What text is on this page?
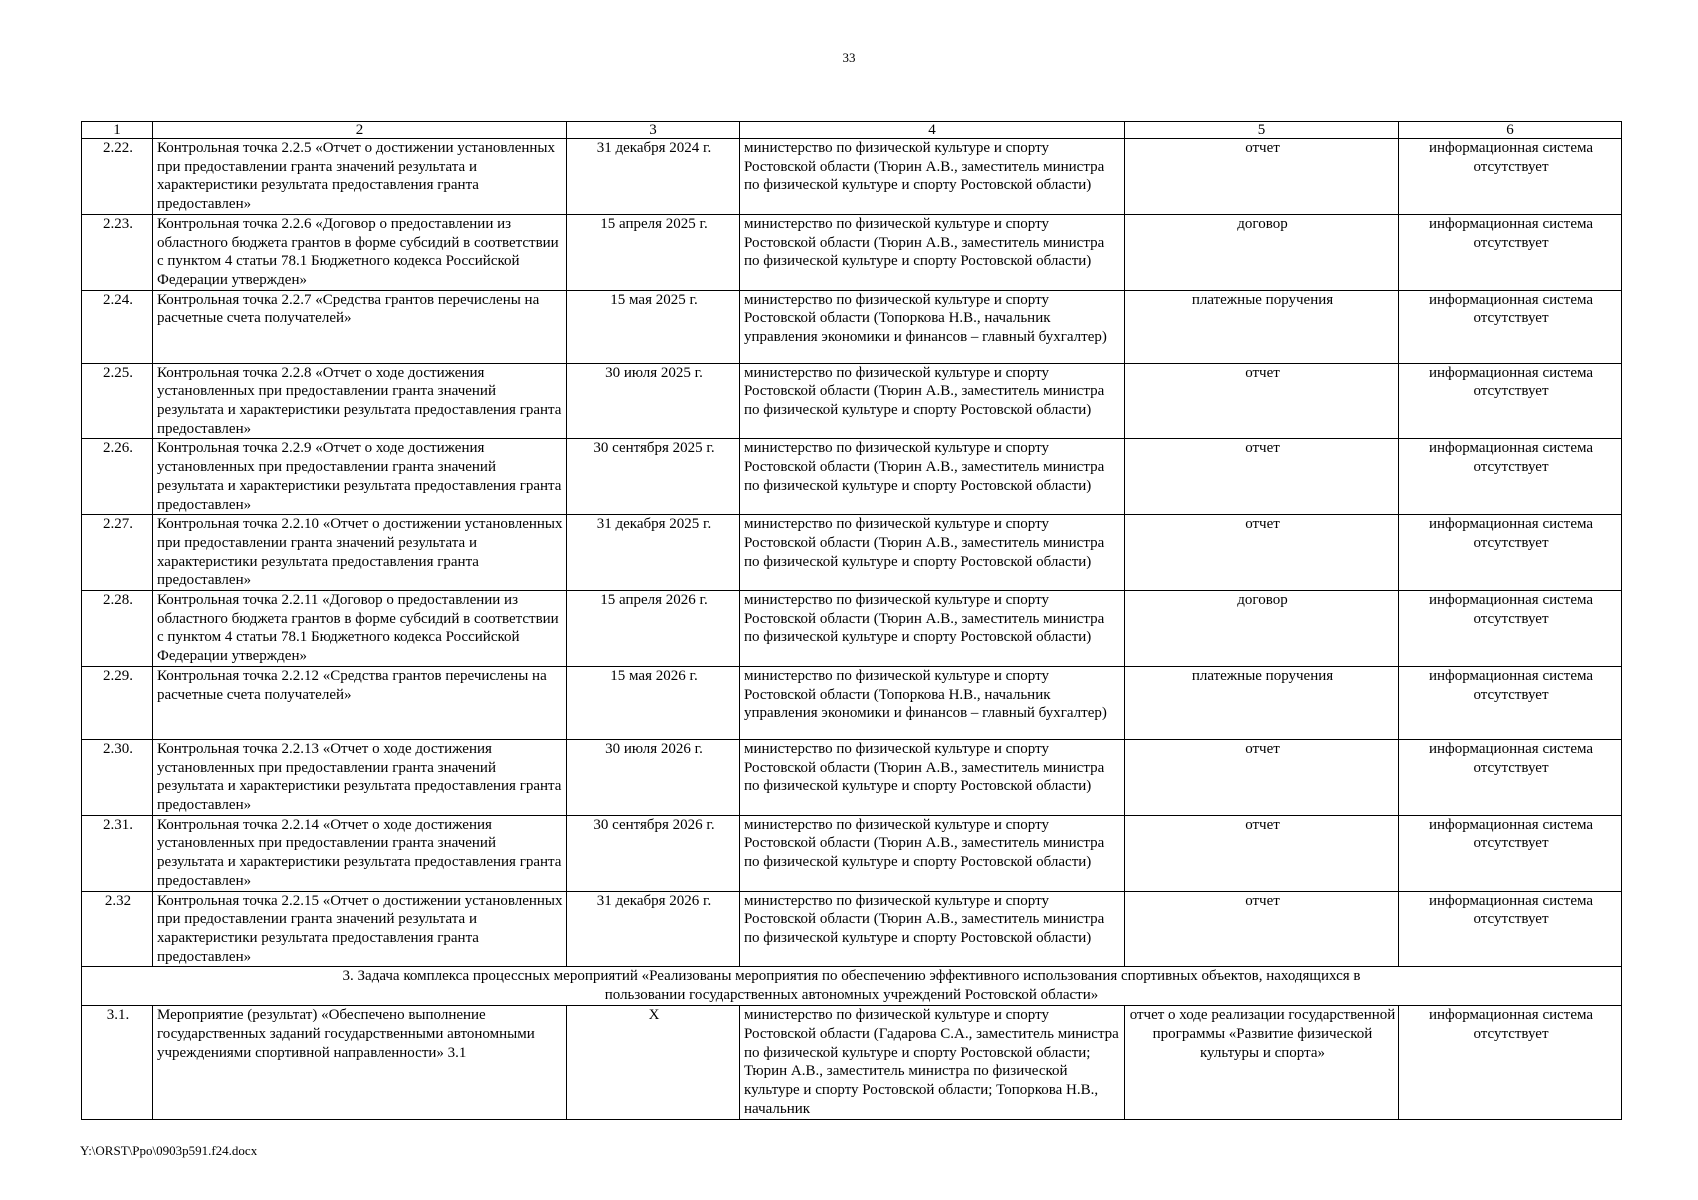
33
1	2	3	4	5	6
2.22.	Контрольная точка 2.2.5 «Отчет о достижении установленных при предоставлении гранта значений результата и характеристики результата предоставления гранта предоставлен»	31 декабря 2024 г.	министерство по физической культуре и спорту Ростовской области (Тюрин А.В., заместитель министра по физической культуре и спорту Ростовской области)	отчет	информационная система отсутствует
2.23.	Контрольная точка 2.2.6 «Договор о предоставлении из областного бюджета грантов в форме субсидий в соответствии с пунктом 4 статьи 78.1 Бюджетного кодекса Российской Федерации утвержден»	15 апреля 2025 г.	министерство по физической культуре и спорту Ростовской области (Тюрин А.В., заместитель министра по физической культуре и спорту Ростовской области)	договор	информационная система отсутствует
2.24.	Контрольная точка 2.2.7 «Средства грантов перечислены на расчетные счета получателей»	15 мая 2025 г.	министерство по физической культуре и спорту Ростовской области (Топоркова Н.В., начальник управления экономики и финансов – главный бухгалтер)	платежные поручения	информационная система отсутствует
2.25.	Контрольная точка 2.2.8 «Отчет о ходе достижения установленных при предоставлении гранта значений результата и характеристики результата предоставления гранта предоставлен»	30 июля 2025 г.	министерство по физической культуре и спорту Ростовской области (Тюрин А.В., заместитель министра по физической культуре и спорту Ростовской области)	отчет	информационная система отсутствует
2.26.	Контрольная точка 2.2.9 «Отчет о ходе достижения установленных при предоставлении гранта значений результата и характеристики результата предоставления гранта предоставлен»	30 сентября 2025 г.	министерство по физической культуре и спорту Ростовской области (Тюрин А.В., заместитель министра по физической культуре и спорту Ростовской области)	отчет	информационная система отсутствует
2.27.	Контрольная точка 2.2.10 «Отчет о достижении установленных при предоставлении гранта значений результата и характеристики результата предоставления гранта предоставлен»	31 декабря 2025 г.	министерство по физической культуре и спорту Ростовской области (Тюрин А.В., заместитель министра по физической культуре и спорту Ростовской области)	отчет	информационная система отсутствует
2.28.	Контрольная точка 2.2.11 «Договор о предоставлении из областного бюджета грантов в форме субсидий в соответствии с пунктом 4 статьи 78.1 Бюджетного кодекса Российской Федерации утвержден»	15 апреля 2026 г.	министерство по физической культуре и спорту Ростовской области (Тюрин А.В., заместитель министра по физической культуре и спорту Ростовской области)	договор	информационная система отсутствует
2.29.	Контрольная точка 2.2.12 «Средства грантов перечислены на расчетные счета получателей»	15 мая 2026 г.	министерство по физической культуре и спорту Ростовской области (Топоркова Н.В., начальник управления экономики и финансов – главный бухгалтер)	платежные поручения	информационная система отсутствует
2.30.	Контрольная точка 2.2.13 «Отчет о ходе достижения установленных при предоставлении гранта значений результата и характеристики результата предоставления гранта предоставлен»	30 июля 2026 г.	министерство по физической культуре и спорту Ростовской области (Тюрин А.В., заместитель министра по физической культуре и спорту Ростовской области)	отчет	информационная система отсутствует
2.31.	Контрольная точка 2.2.14 «Отчет о ходе достижения установленных при предоставлении гранта значений результата и характеристики результата предоставления гранта предоставлен»	30 сентября 2026 г.	министерство по физической культуре и спорту Ростовской области (Тюрин А.В., заместитель министра по физической культуре и спорту Ростовской области)	отчет	информационная система отсутствует
2.32	Контрольная точка 2.2.15 «Отчет о достижении установленных при предоставлении гранта значений результата и характеристики результата предоставления гранта предоставлен»	31 декабря 2026 г.	министерство по физической культуре и спорту Ростовской области (Тюрин А.В., заместитель министра по физической культуре и спорту Ростовской области)	отчет	информационная система отсутствует
3. Задача комплекса процессных мероприятий «Реализованы мероприятия по обеспечению эффективного использования спортивных объектов, находящихся в пользовании государственных автономных учреждений Ростовской области»					
3.1.	Мероприятие (результат) «Обеспечено выполнение государственных заданий государственными автономными учреждениями спортивной направленности» 3.1	Х	министерство по физической культуре и спорту Ростовской области (Гадарова С.А., заместитель министра по физической культуре и спорту Ростовской области; Тюрин А.В., заместитель министра по физической культуре и спорту Ростовской области; Топоркова Н.В., начальник	отчет о ходе реализации государственной программы «Развитие физической культуры и спорта»	информационная система отсутствует
Y:\ORST\Ppo\0903p591.f24.docx
